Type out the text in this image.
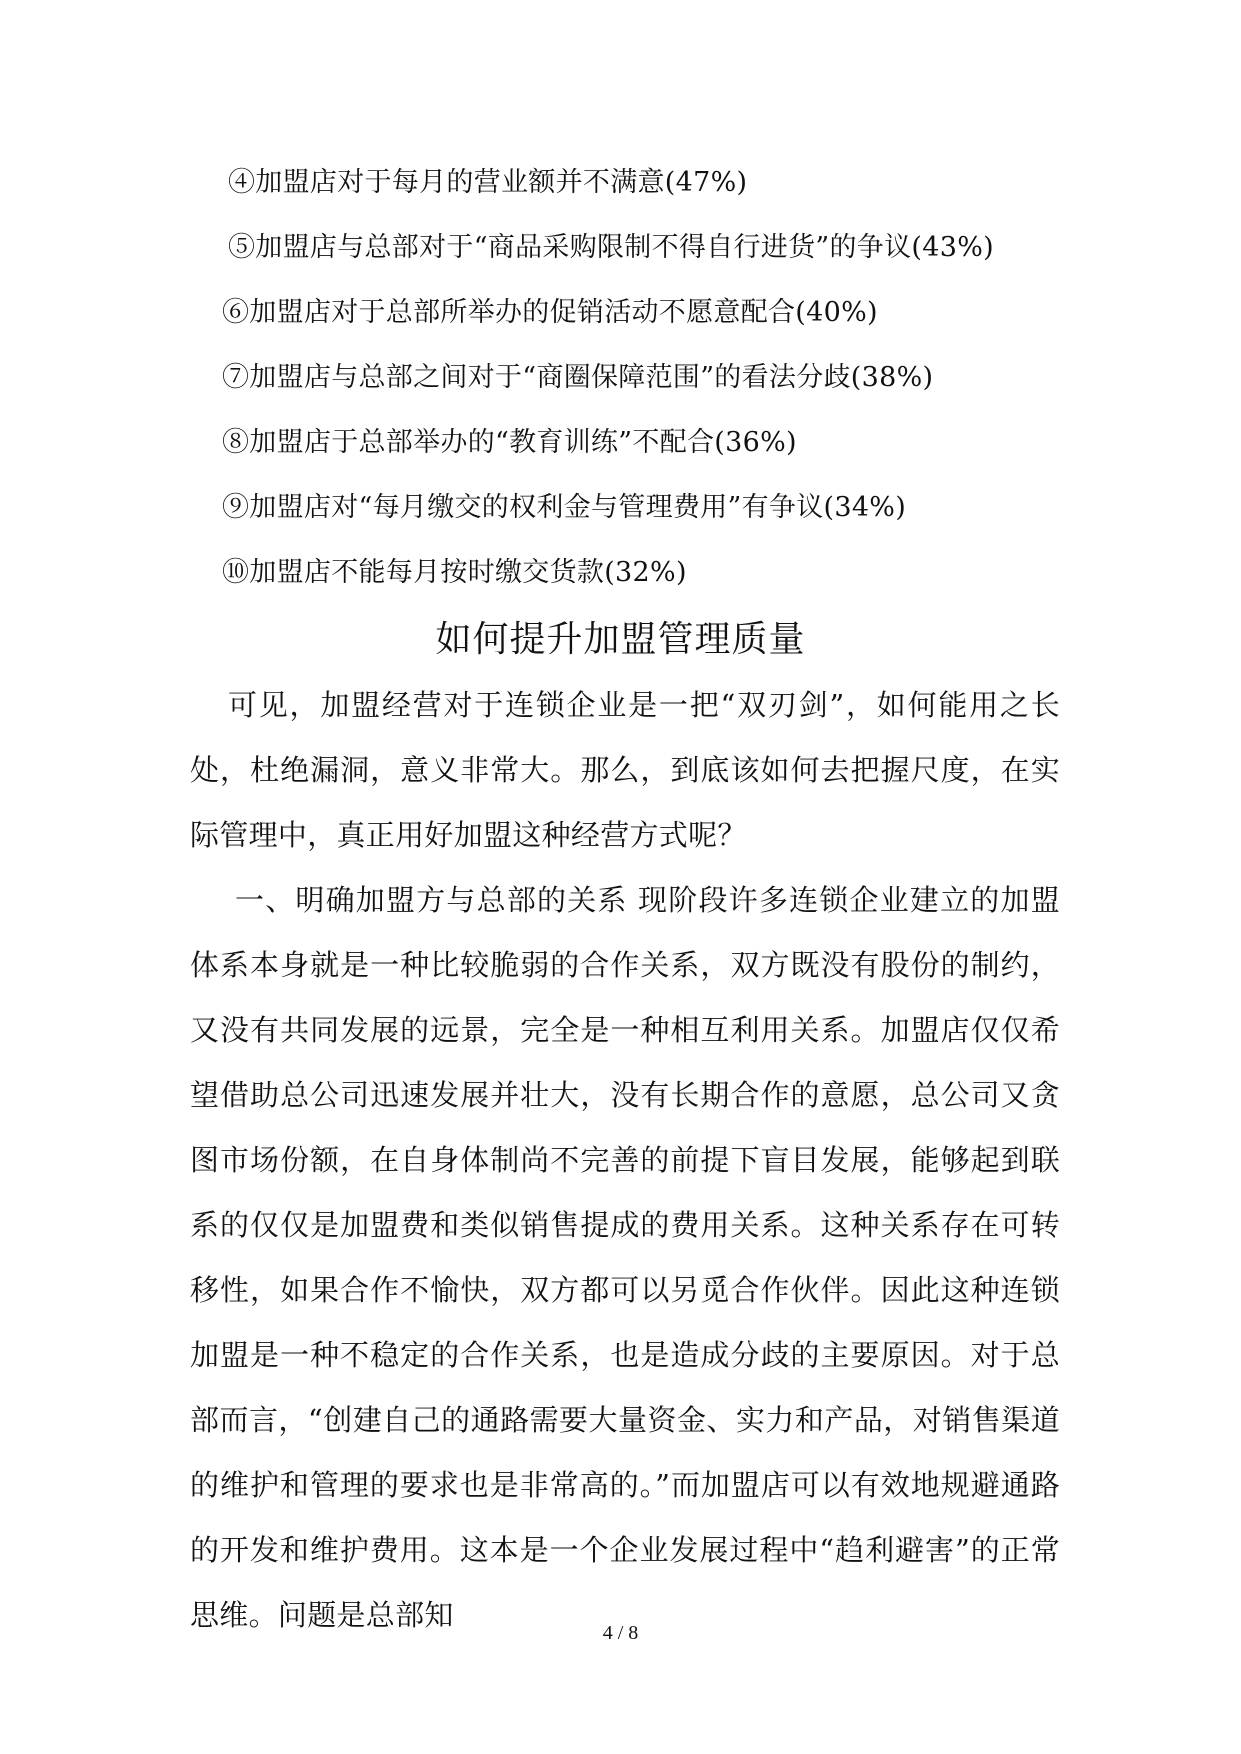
④加盟店对于每月的营业额并不满意(47%)
⑤加盟店与总部对于“商品采购限制不得自行进货”的争议(43%)
⑥加盟店对于总部所举办的促销活动不愿意配合(40%)
⑦加盟店与总部之间对于“商圈保障范围”的看法分歧(38%)
⑧加盟店于总部举办的“教育训练”不配合(36%)
⑨加盟店对“每月缴交的权利金与管理费用”有争议(34%)
⑩加盟店不能每月按时缴交货款(32%)
如何提升加盟管理质量

可见，加盟经营对于连锁企业是一把“双刃剑”，如何能用之长处，杜绝漏洞，意义非常大。那么，到底该如何去把握尺度，在实际管理中，真正用好加盟这种经营方式呢？

一、明确加盟方与总部的关系 现阶段许多连锁企业建立的加盟体系本身就是一种比较脆弱的合作关系，双方既没有股份的制约，又没有共同发展的远景，完全是一种相互利用关系。加盟店仅仅希望借助总公司迅速发展并壮大，没有长期合作的意愿，总公司又贪图市场份额，在自身体制尚不完善的前提下盲目发展，能够起到联系的仅仅是加盟费和类似销售提成的费用关系。这种关系存在可转移性，如果合作不愉快，双方都可以另觅合作伙伴。因此这种连锁加盟是一种不稳定的合作关系，也是造成分歧的主要原因。对于总部而言，“创建自己的通路需要大量资金、实力和产品，对销售渠道的维护和管理的要求也是非常高的。”而加盟店可以有效地规避通路的开发和维护费用。这本是一个企业发展过程中“趋利避害”的正常思维。问题是总部知

4 / 8
